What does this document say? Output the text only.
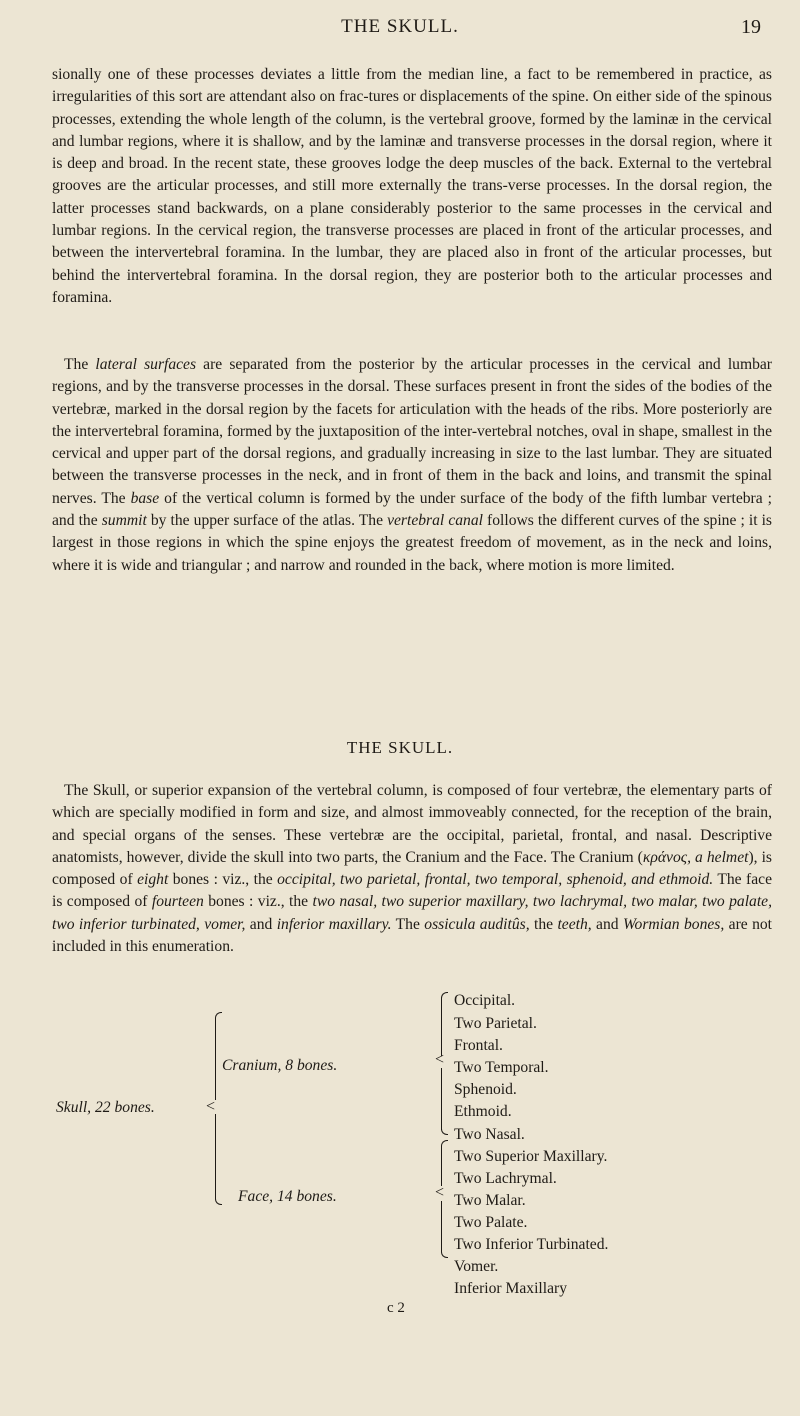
THE SKULL.	19

sionally one of these processes deviates a little from the median line, a fact to be remembered in practice, as irregularities of this sort are attendant also on frac-tures or displacements of the spine. On either side of the spinous processes, extending the whole length of the column, is the vertebral groove, formed by the laminæ in the cervical and lumbar regions, where it is shallow, and by the laminæ and transverse processes in the dorsal region, where it is deep and broad. In the recent state, these grooves lodge the deep muscles of the back. External to the vertebral grooves are the articular processes, and still more externally the trans-verse processes. In the dorsal region, the latter processes stand backwards, on a plane considerably posterior to the same processes in the cervical and lumbar regions. In the cervical region, the transverse processes are placed in front of the articular processes, and between the intervertebral foramina. In the lumbar, they are placed also in front of the articular processes, but behind the intervertebral foramina. In the dorsal region, they are posterior both to the articular processes and foramina.

The lateral surfaces are separated from the posterior by the articular processes in the cervical and lumbar regions, and by the transverse processes in the dorsal. These surfaces present in front the sides of the bodies of the vertebræ, marked in the dorsal region by the facets for articulation with the heads of the ribs. More posteriorly are the intervertebral foramina, formed by the juxtaposition of the inter-vertebral notches, oval in shape, smallest in the cervical and upper part of the dorsal regions, and gradually increasing in size to the last lumbar. They are situated between the transverse processes in the neck, and in front of them in the back and loins, and transmit the spinal nerves. The base of the vertical column is formed by the under surface of the body of the fifth lumbar vertebra ; and the summit by the upper surface of the atlas. The vertebral canal follows the different curves of the spine ; it is largest in those regions in which the spine enjoys the greatest freedom of movement, as in the neck and loins, where it is wide and triangular ; and narrow and rounded in the back, where motion is more limited.

THE SKULL.

The Skull, or superior expansion of the vertebral column, is composed of four vertebræ, the elementary parts of which are specially modified in form and size, and almost immoveably connected, for the reception of the brain, and special organs of the senses. These vertebræ are the occipital, parietal, frontal, and nasal. Descriptive anatomists, however, divide the skull into two parts, the Cranium and the Face. The Cranium (κράνος, a helmet), is composed of eight bones : viz., the occipital, two parietal, frontal, two temporal, sphenoid, and ethmoid. The face is composed of fourteen bones : viz., the two nasal, two superior maxillary, two lachrymal, two malar, two palate, two inferior turbinated, vomer, and inferior maxillary. The ossicula auditûs, the teeth, and Wormian bones, are not included in this enumeration.

<
Skull, 22 bones.
Cranium, 8 bones.
Face, 14 bones.
<
<
Occipital.
Two Parietal.
Frontal.
Two Temporal.
Sphenoid.
Ethmoid.
Two Nasal.
Two Superior Maxillary.
Two Lachrymal.
Two Malar.
Two Palate.
Two Inferior Turbinated.
Vomer.
Inferior Maxillary
c 2
